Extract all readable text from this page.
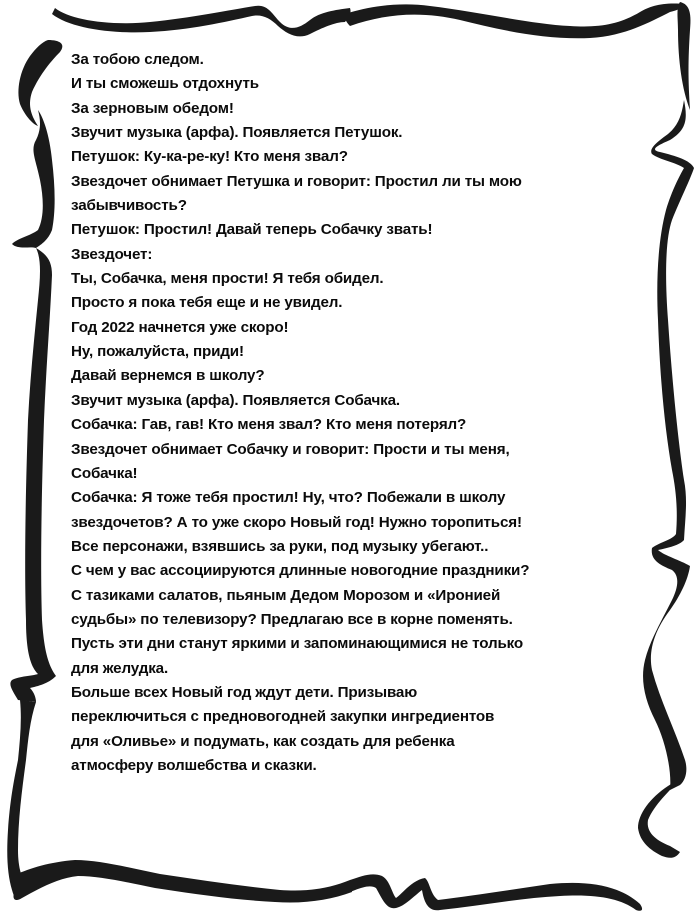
За тобою следом.
И ты сможешь отдохнуть
За зерновым обедом!
Звучит музыка (арфа). Появляется Петушок.
Петушок: Ку-ка-ре-ку! Кто меня звал?
Звездочет обнимает Петушка и говорит: Простил ли ты мою
забывчивость?
Петушок: Простил! Давай теперь Собачку звать!
Звездочет:
Ты, Собачка, меня прости! Я тебя обидел.
Просто я пока тебя еще и не увидел.
Год 2022 начнется уже скоро!
Ну, пожалуйста, приди!
Давай вернемся в школу?
Звучит музыка (арфа). Появляется Собачка.
Собачка: Гав, гав! Кто меня звал? Кто меня потерял?
Звездочет обнимает Собачку и говорит: Прости и ты меня,
Собачка!
Собачка: Я тоже тебя простил! Ну, что? Побежали в школу
звездочетов? А то уже скоро Новый год! Нужно торопиться!
Все персонажи, взявшись за руки, под музыку убегают..
С чем у вас ассоциируются длинные новогодние праздники?
С тазиками салатов, пьяным Дедом Морозом и «Иронией
судьбы» по телевизору? Предлагаю все в корне поменять.
Пусть эти дни станут яркими и запоминающимися не только
для желудка.
Больше всех Новый год ждут дети. Призываю
переключиться с предновогодней закупки ингредиентов
для «Оливье» и подумать, как создать для ребенка
атмосферу волшебства и сказки.
